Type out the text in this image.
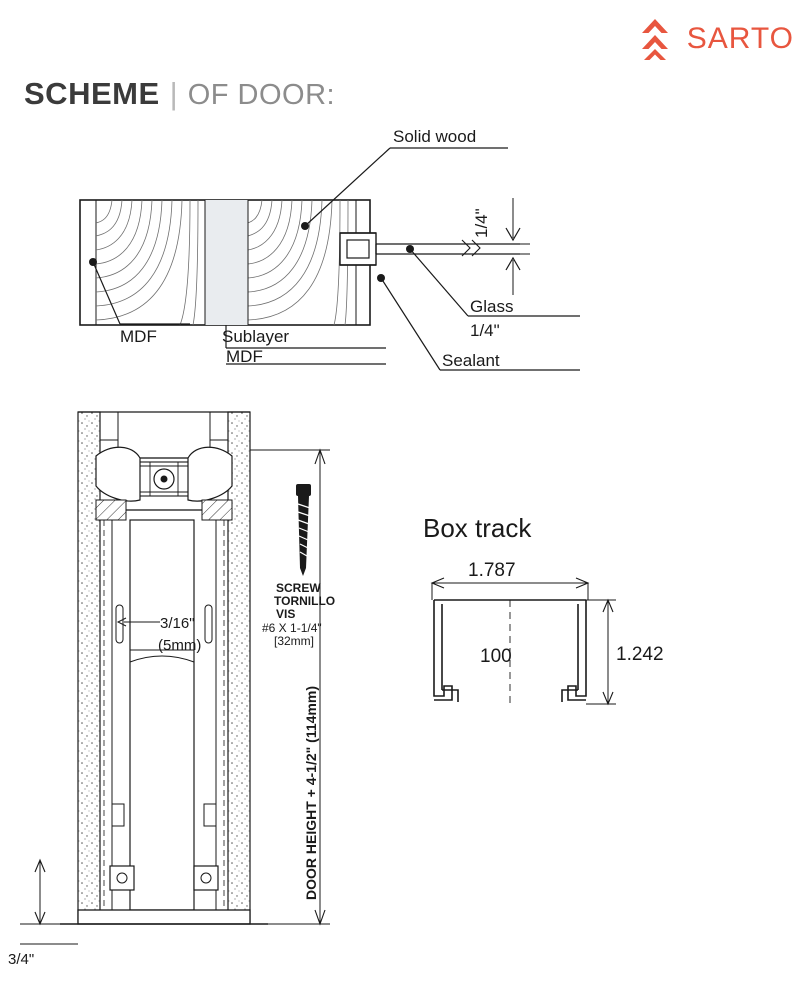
SARTO
SCHEME | OF DOOR:
1/4"
Solid wood
MDF	Sublayer
MDF
Glass
1/4"
Sealant
3/4"
3/16"
(5mm)
SCREW
TORNILLO
VIS
#6 X 1-1/4"
[32mm]
DOOR HEIGHT + 4-1/2" (114mm)
Box track
1.787
100	1.242
